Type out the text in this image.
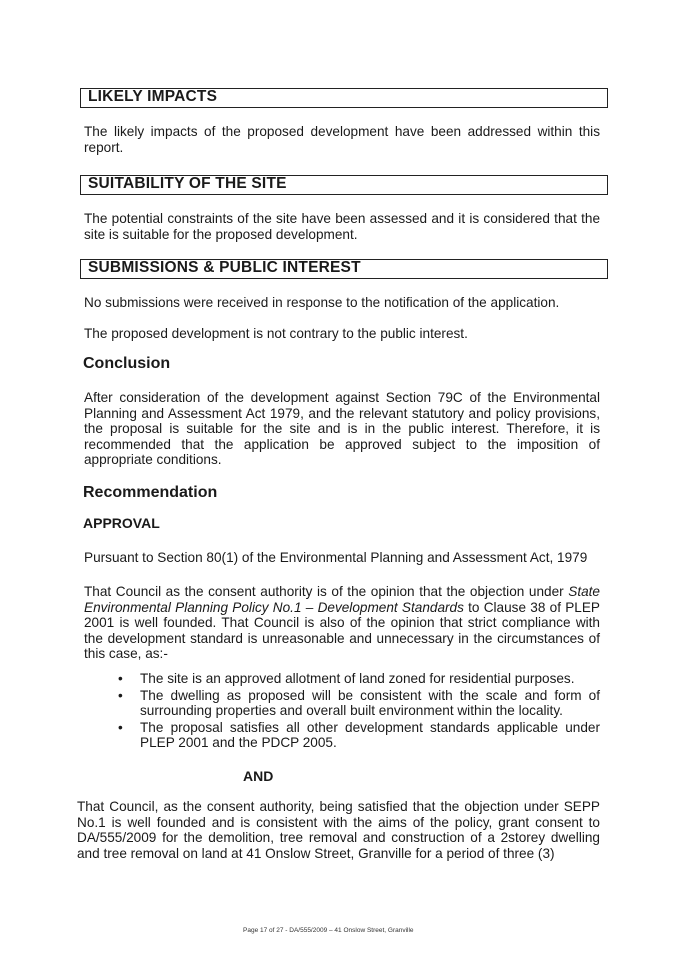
LIKELY IMPACTS
The likely impacts of the proposed development have been addressed within this report.
SUITABILITY OF THE SITE
The potential constraints of the site have been assessed and it is considered that the site is suitable for the proposed development.
SUBMISSIONS & PUBLIC INTEREST
No submissions were received in response to the notification of the application.
The proposed development is not contrary to the public interest.
Conclusion
After consideration of the development against Section 79C of the Environmental Planning and Assessment Act 1979, and the relevant statutory and policy provisions, the proposal is suitable for the site and is in the public interest. Therefore, it is recommended that the application be approved subject to the imposition of appropriate conditions.
Recommendation
APPROVAL
Pursuant to Section 80(1) of the Environmental Planning and Assessment Act, 1979
That Council as the consent authority is of the opinion that the objection under State Environmental Planning Policy No.1 – Development Standards to Clause 38 of PLEP 2001 is well founded. That Council is also of the opinion that strict compliance with the development standard is unreasonable and unnecessary in the circumstances of this case, as:-
• The site is an approved allotment of land zoned for residential purposes.
• The dwelling as proposed will be consistent with the scale and form of surrounding properties and overall built environment within the locality.
• The proposal satisfies all other development standards applicable under PLEP 2001 and the PDCP 2005.
AND
That Council, as the consent authority, being satisfied that the objection under SEPP No.1 is well founded and is consistent with the aims of the policy, grant consent to DA/555/2009 for the demolition, tree removal and construction of a 2storey dwelling and tree removal on land at 41 Onslow Street, Granville for a period of three (3)
Page 17 of 27 - DA/555/2009 – 41 Onslow Street, Granville
